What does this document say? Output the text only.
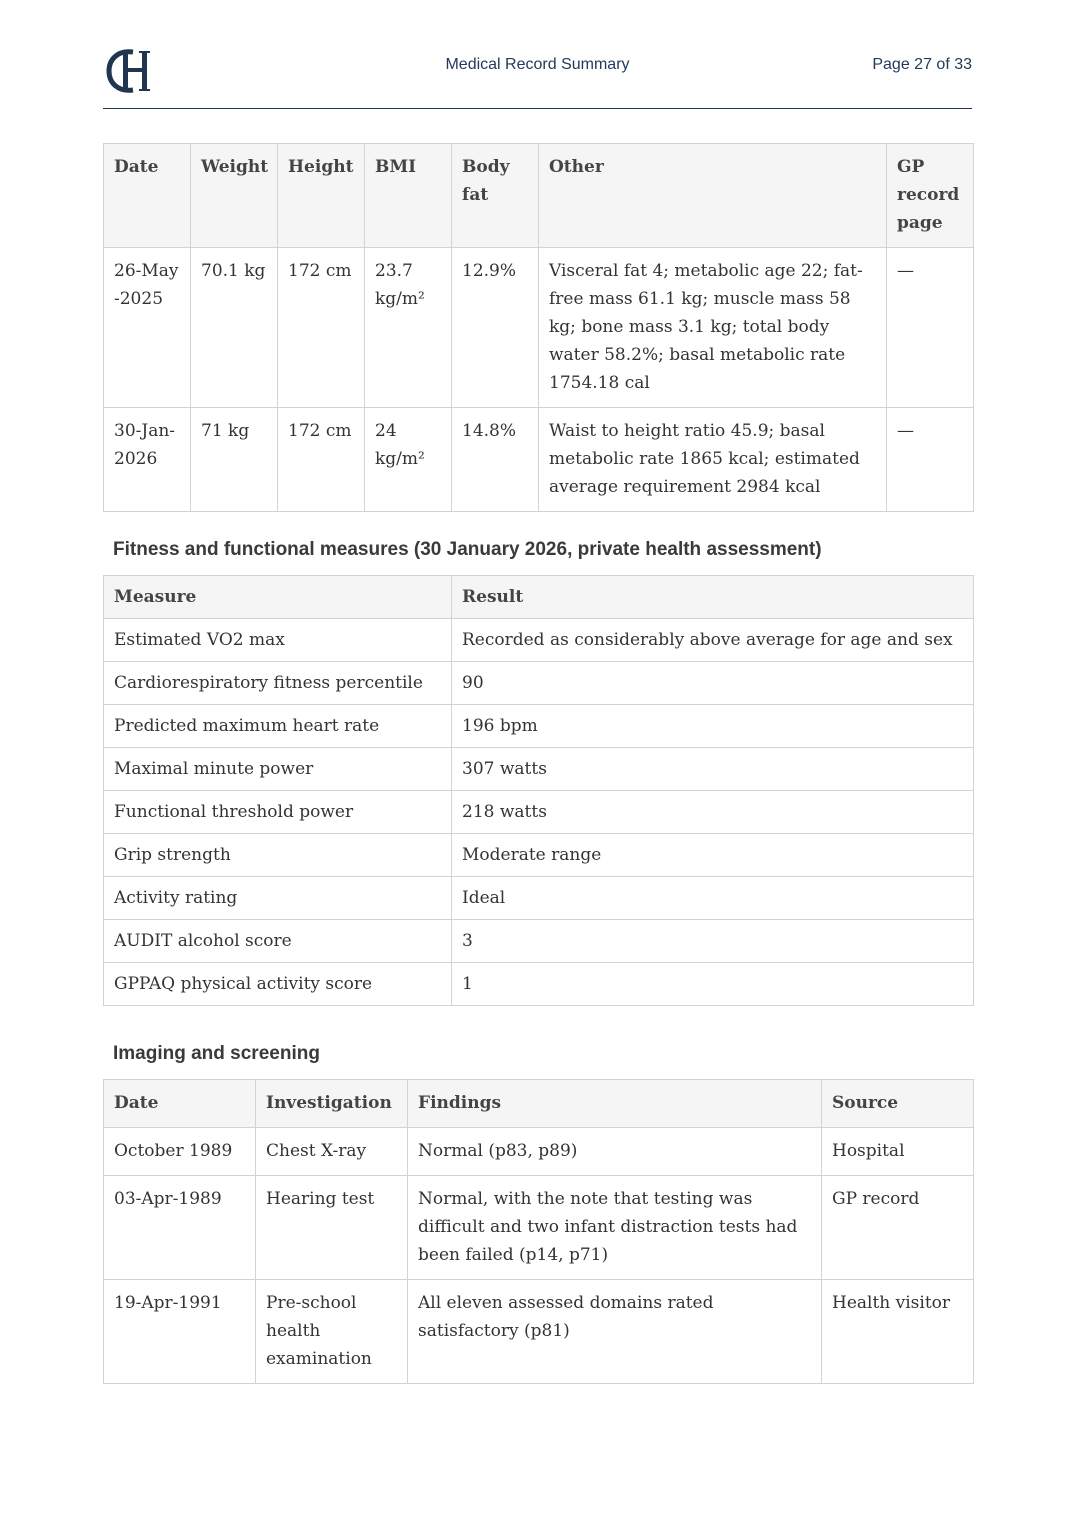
Medical Record Summary	Page 27 of 33
Date	Weight	Height	BMI	Body fat	Other	GP record page
26-May -2025	70.1 kg	172 cm	23.7 kg/m²	12.9%	Visceral fat 4; metabolic age 22; fat-free mass 61.1 kg; muscle mass 58 kg; bone mass 3.1 kg; total body water 58.2%; basal metabolic rate 1754.18 cal	—
30-Jan-2026	71 kg	172 cm	24 kg/m²	14.8%	Waist to height ratio 45.9; basal metabolic rate 1865 kcal; estimated average requirement 2984 kcal	—
Fitness and functional measures (30 January 2026, private health assessment)
Measure	Result
Estimated VO2 max	Recorded as considerably above average for age and sex
Cardiorespiratory fitness percentile	90
Predicted maximum heart rate	196 bpm
Maximal minute power	307 watts
Functional threshold power	218 watts
Grip strength	Moderate range
Activity rating	Ideal
AUDIT alcohol score	3
GPPAQ physical activity score	1
Imaging and screening
Date	Investigation	Findings	Source
October 1989	Chest X-ray	Normal (p83, p89)	Hospital
03-Apr-1989	Hearing test	Normal, with the note that testing was difficult and two infant distraction tests had been failed (p14, p71)	GP record
19-Apr-1991	Pre-school health examination	All eleven assessed domains rated satisfactory (p81)	Health visitor
